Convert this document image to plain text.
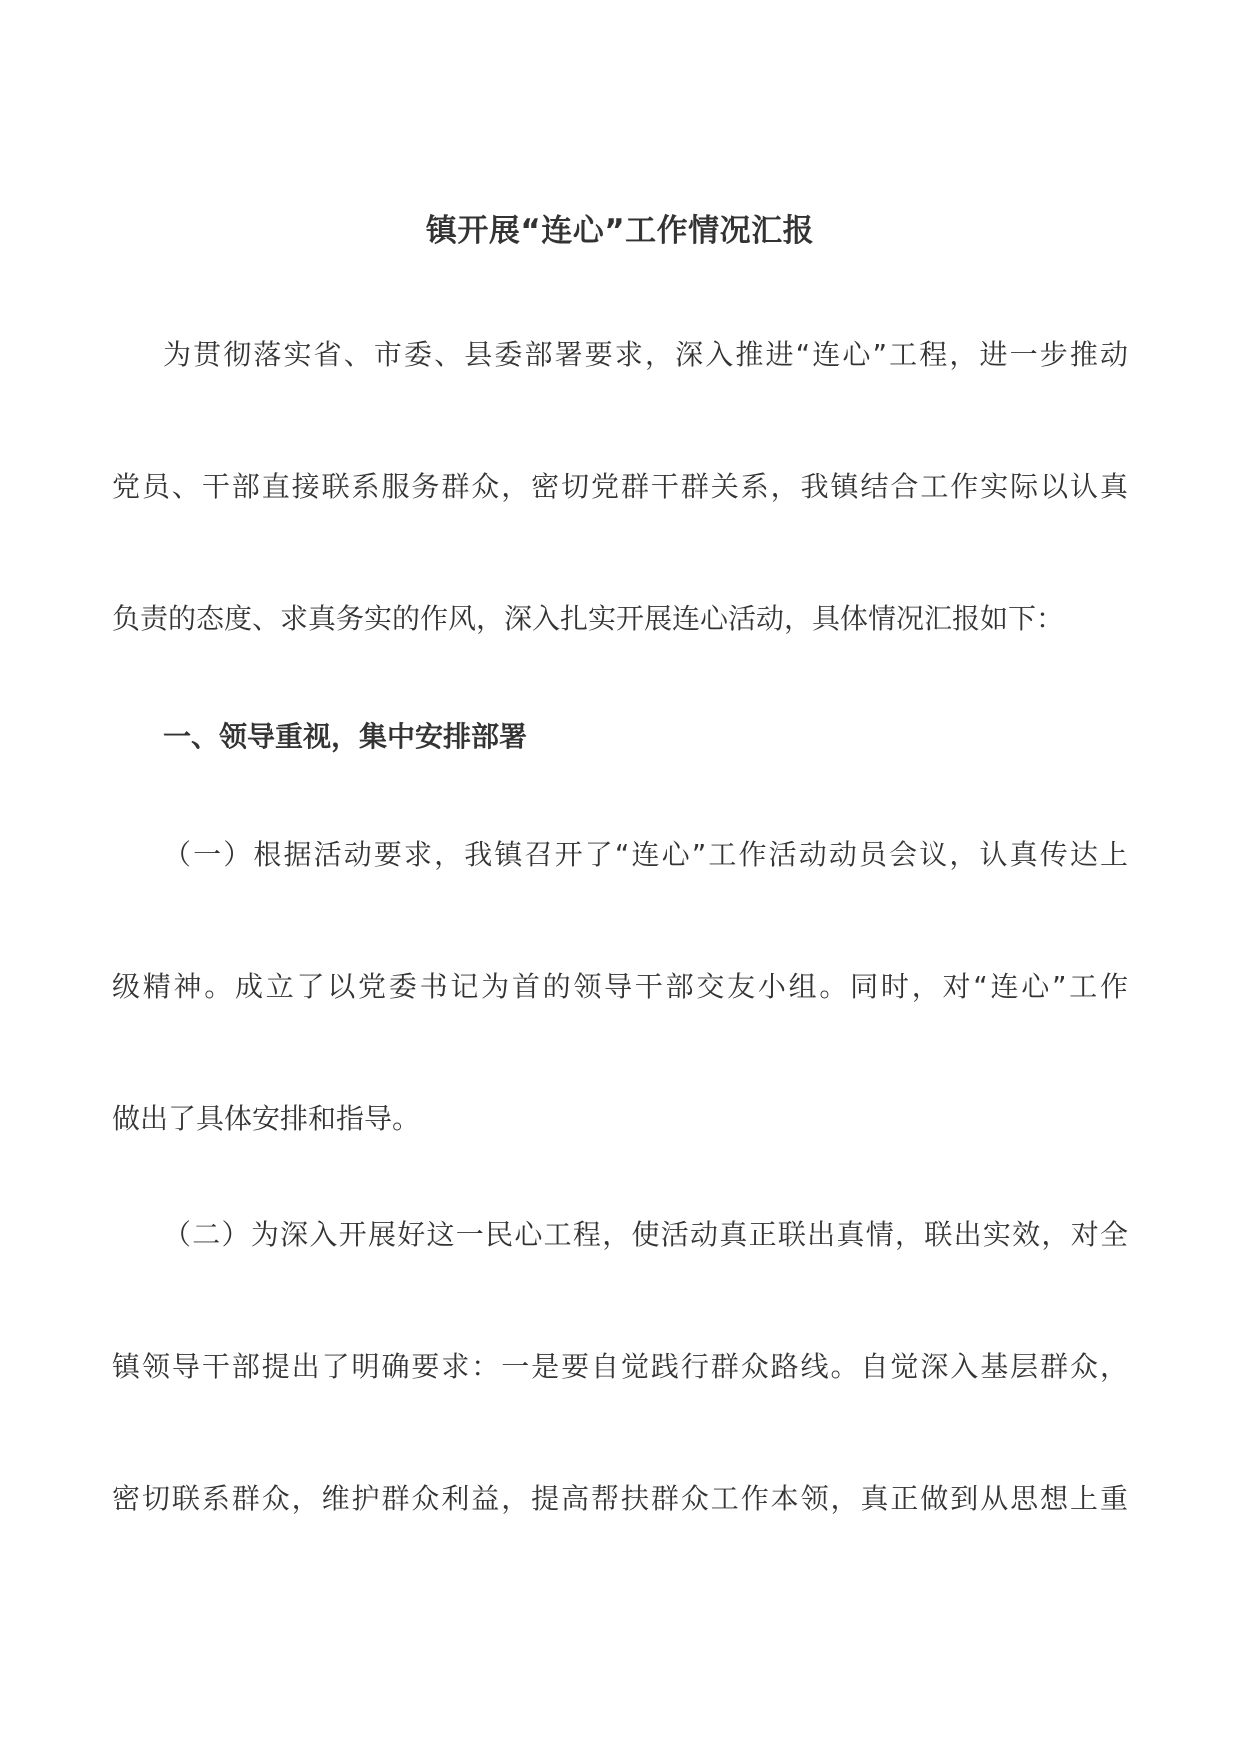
镇开展“连心”工作情况汇报
为贯彻落实省、市委、县委部署要求，深入推进“连心”工程，进一步推动
党员、干部直接联系服务群众，密切党群干群关系，我镇结合工作实际以认真
负责的态度、求真务实的作风，深入扎实开展连心活动，具体情况汇报如下：
一、领导重视，集中安排部署
（一）根据活动要求，我镇召开了“连心”工作活动动员会议，认真传达上
级精神。成立了以党委书记为首的领导干部交友小组。同时，对“连心”工作
做出了具体安排和指导。
（二）为深入开展好这一民心工程，使活动真正联出真情，联出实效，对全
镇领导干部提出了明确要求：一是要自觉践行群众路线。自觉深入基层群众，
密切联系群众，维护群众利益，提高帮扶群众工作本领，真正做到从思想上重
